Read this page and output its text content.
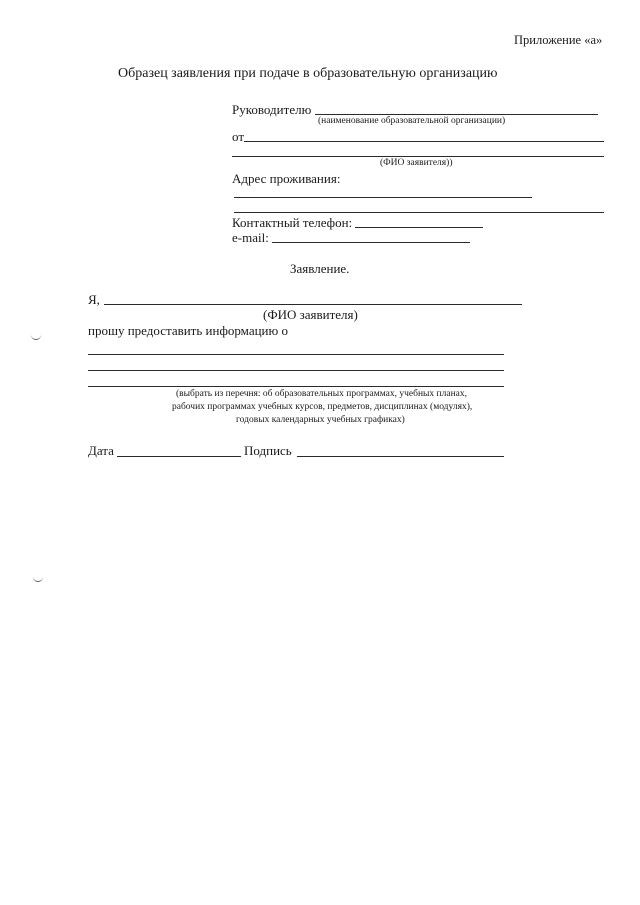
Приложение «а»
Образец заявления при подаче в образовательную организацию
Руководителю
(наименование образовательной организации)
от
(ФИО заявителя))
Адрес проживания:
Контактный телефон:
e-mail:
Заявление.
Я,
(ФИО заявителя)
прошу предоставить информацию о
(выбрать из перечня: об образовательных программах, учебных планах,
рабочих программах учебных курсов, предметов, дисциплинах (модулях),
годовых календарных учебных графиках)
Дата	Подпись
